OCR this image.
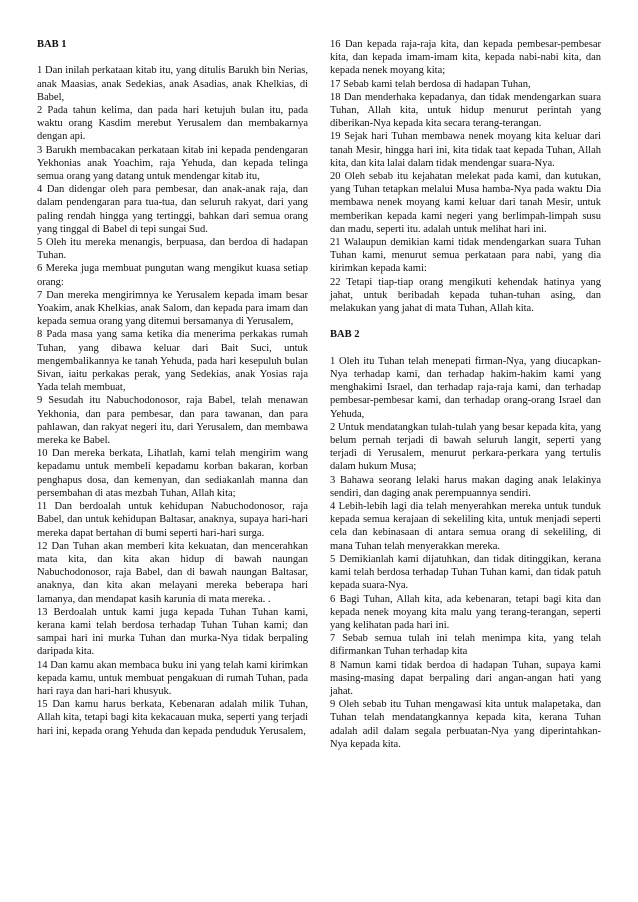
BAB 1

1 Dan inilah perkataan kitab itu, yang ditulis Barukh bin Nerias, anak Maasias, anak Sedekias, anak Asadias, anak Khelkias, di Babel,

2 Pada tahun kelima, dan pada hari ketujuh bulan itu, pada waktu orang Kasdim merebut Yerusalem dan membakarnya dengan api.

3 Barukh membacakan perkataan kitab ini kepada pendengaran Yekhonias anak Yoachim, raja Yehuda, dan kepada telinga semua orang yang datang untuk mendengar kitab itu,

4 Dan didengar oleh para pembesar, dan anak-anak raja, dan dalam pendengaran para tua-tua, dan seluruh rakyat, dari yang paling rendah hingga yang tertinggi, bahkan dari semua orang yang tinggal di Babel di tepi sungai Sud.

5 Oleh itu mereka menangis, berpuasa, dan berdoa di hadapan Tuhan.

6 Mereka juga membuat pungutan wang mengikut kuasa setiap orang:

7 Dan mereka mengirimnya ke Yerusalem kepada imam besar Yoakim, anak Khelkias, anak Salom, dan kepada para imam dan kepada semua orang yang ditemui bersamanya di Yerusalem,

8 Pada masa yang sama ketika dia menerima perkakas rumah Tuhan, yang dibawa keluar dari Bait Suci, untuk mengembalikannya ke tanah Yehuda, pada hari kesepuluh bulan Sivan, iaitu perkakas perak, yang Sedekias, anak Yosias raja Yada telah membuat,

9 Sesudah itu Nabuchodonosor, raja Babel, telah menawan Yekhonia, dan para pembesar, dan para tawanan, dan para pahlawan, dan rakyat negeri itu, dari Yerusalem, dan membawa mereka ke Babel.

10 Dan mereka berkata, Lihatlah, kami telah mengirim wang kepadamu untuk membeli kepadamu korban bakaran, korban penghapus dosa, dan kemenyan, dan sediakanlah manna dan persembahan di atas mezbah Tuhan, Allah kita;

11 Dan berdoalah untuk kehidupan Nabuchodonosor, raja Babel, dan untuk kehidupan Baltasar, anaknya, supaya hari-hari mereka dapat bertahan di bumi seperti hari-hari surga.

12 Dan Tuhan akan memberi kita kekuatan, dan mencerahkan mata kita, dan kita akan hidup di bawah naungan Nabuchodonosor, raja Babel, dan di bawah naungan Baltasar, anaknya, dan kita akan melayani mereka beberapa hari lamanya, dan mendapat kasih karunia di mata mereka. .

13 Berdoalah untuk kami juga kepada Tuhan Tuhan kami, kerana kami telah berdosa terhadap Tuhan Tuhan kami; dan sampai hari ini murka Tuhan dan murka-Nya tidak berpaling daripada kita.

14 Dan kamu akan membaca buku ini yang telah kami kirimkan kepada kamu, untuk membuat pengakuan di rumah Tuhan, pada hari raya dan hari-hari khusyuk.

15 Dan kamu harus berkata, Kebenaran adalah milik Tuhan, Allah kita, tetapi bagi kita kekacauan muka, seperti yang terjadi hari ini, kepada orang Yehuda dan kepada penduduk Yerusalem,

16 Dan kepada raja-raja kita, dan kepada pembesar-pembesar kita, dan kepada imam-imam kita, kepada nabi-nabi kita, dan kepada nenek moyang kita;

17 Sebab kami telah berdosa di hadapan Tuhan,

18 Dan menderhaka kepadanya, dan tidak mendengarkan suara Tuhan, Allah kita, untuk hidup menurut perintah yang diberikan-Nya kepada kita secara terang-terangan.

19 Sejak hari Tuhan membawa nenek moyang kita keluar dari tanah Mesir, hingga hari ini, kita tidak taat kepada Tuhan, Allah kita, dan kita lalai dalam tidak mendengar suara-Nya.

20 Oleh sebab itu kejahatan melekat pada kami, dan kutukan, yang Tuhan tetapkan melalui Musa hamba-Nya pada waktu Dia membawa nenek moyang kami keluar dari tanah Mesir, untuk memberikan kepada kami negeri yang berlimpah-limpah susu dan madu, seperti itu. adalah untuk melihat hari ini.

21 Walaupun demikian kami tidak mendengarkan suara Tuhan Tuhan kami, menurut semua perkataan para nabi, yang dia kirimkan kepada kami:

22 Tetapi tiap-tiap orang mengikuti kehendak hatinya yang jahat, untuk beribadah kepada tuhan-tuhan asing, dan melakukan yang jahat di mata Tuhan, Allah kita.

BAB 2

1 Oleh itu Tuhan telah menepati firman-Nya, yang diucapkan-Nya terhadap kami, dan terhadap hakim-hakim kami yang menghakimi Israel, dan terhadap raja-raja kami, dan terhadap pembesar-pembesar kami, dan terhadap orang-orang Israel dan Yehuda,

2 Untuk mendatangkan tulah-tulah yang besar kepada kita, yang belum pernah terjadi di bawah seluruh langit, seperti yang terjadi di Yerusalem, menurut perkara-perkara yang tertulis dalam hukum Musa;

3 Bahawa seorang lelaki harus makan daging anak lelakinya sendiri, dan daging anak perempuannya sendiri.

4 Lebih-lebih lagi dia telah menyerahkan mereka untuk tunduk kepada semua kerajaan di sekeliling kita, untuk menjadi seperti cela dan kebinasaan di antara semua orang di sekeliling, di mana Tuhan telah menyerakkan mereka.

5 Demikianlah kami dijatuhkan, dan tidak ditinggikan, kerana kami telah berdosa terhadap Tuhan Tuhan kami, dan tidak patuh kepada suara-Nya.

6 Bagi Tuhan, Allah kita, ada kebenaran, tetapi bagi kita dan kepada nenek moyang kita malu yang terang-terangan, seperti yang kelihatan pada hari ini.

7 Sebab semua tulah ini telah menimpa kita, yang telah difirmankan Tuhan terhadap kita

8 Namun kami tidak berdoa di hadapan Tuhan, supaya kami masing-masing dapat berpaling dari angan-angan hati yang jahat.

9 Oleh sebab itu Tuhan mengawasi kita untuk malapetaka, dan Tuhan telah mendatangkannya kepada kita, kerana Tuhan adalah adil dalam segala perbuatan-Nya yang diperintahkan-Nya kepada kita.
